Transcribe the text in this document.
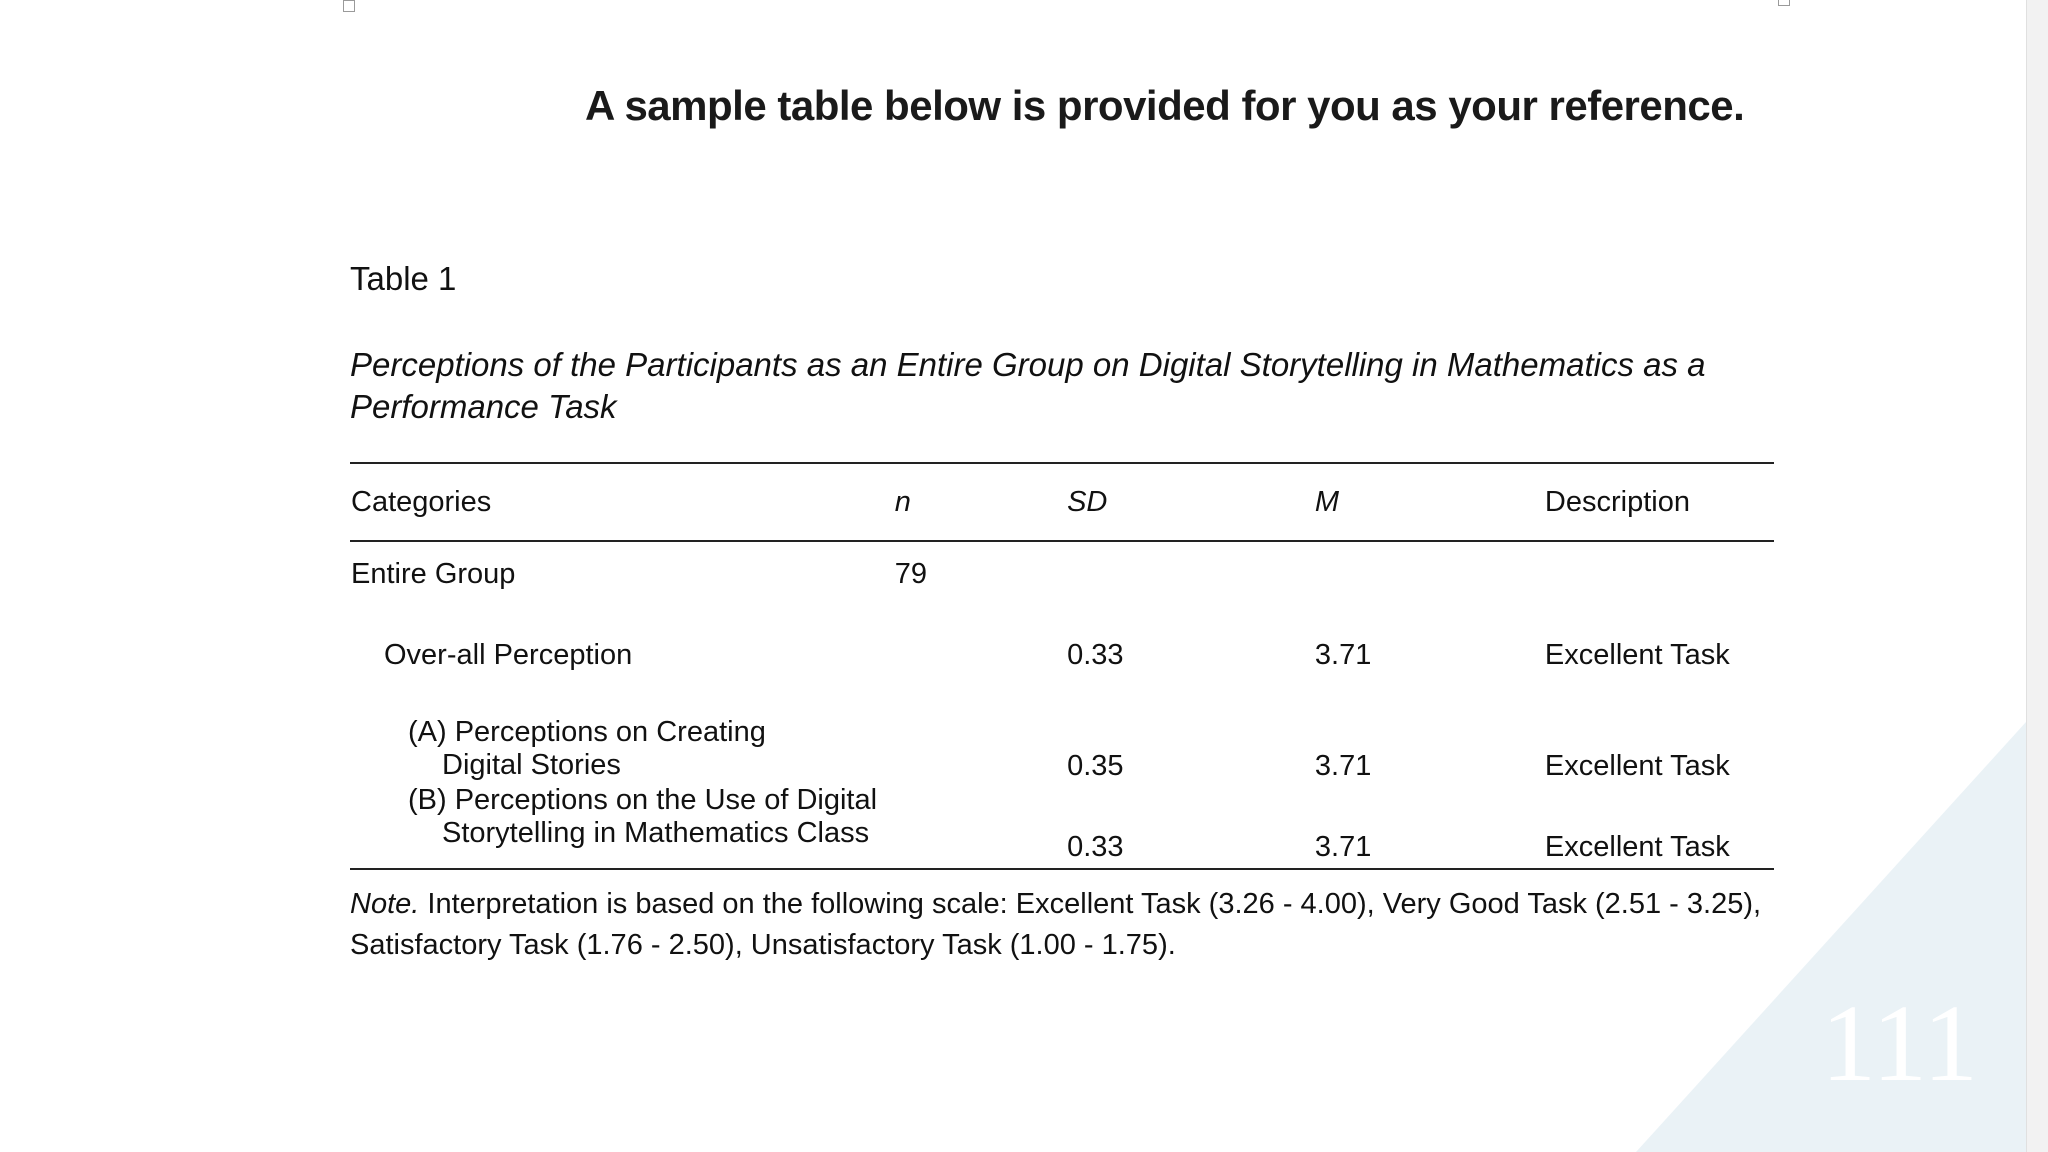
A sample table below is provided for you as your reference.
Table 1
Perceptions of the Participants as an Entire Group on Digital Storytelling in Mathematics as a Performance Task
Categories	n	SD	M	Description
Entire Group	79			
Over-all Perception		0.33	3.71	Excellent Task
(A) Perceptions on Creating
Digital Stories		0.35	3.71	Excellent Task
(B) Perceptions on the Use of Digital
Storytelling in Mathematics Class		0.33	3.71	Excellent Task
Note. Interpretation is based on the following scale: Excellent Task (3.26 - 4.00), Very Good Task (2.51 - 3.25), Satisfactory Task (1.76 - 2.50), Unsatisfactory Task (1.00 - 1.75).
111
